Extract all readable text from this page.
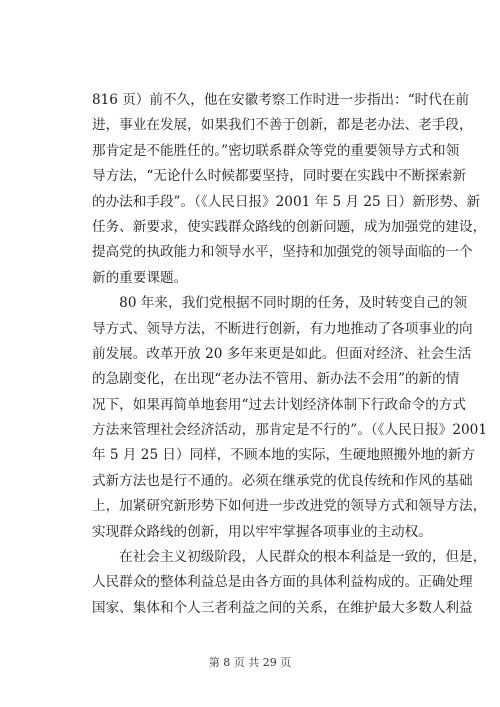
816 页）前不久，他在安徽考察工作时进一步指出：“时代在前
进，事业在发展，如果我们不善于创新，都是老办法、老手段，
那肯定是不能胜任的。”密切联系群众等党的重要领导方式和领
导方法，“无论什么时候都要坚持，同时要在实践中不断探索新
的办法和手段”。（《人民日报》2001 年 5 月 25 日）新形势、新
任务、新要求，使实践群众路线的创新问题，成为加强党的建设，
提高党的执政能力和领导水平，坚持和加强党的领导面临的一个
新的重要课题。
　　80 年来，我们党根据不同时期的任务，及时转变自己的领
导方式、领导方法，不断进行创新，有力地推动了各项事业的向
前发展。改革开放 20 多年来更是如此。但面对经济、社会生活
的急剧变化，在出现“老办法不管用、新办法不会用”的新的情
况下，如果再简单地套用“过去计划经济体制下行政命令的方式
方法来管理社会经济活动，那肯定是不行的”。（《人民日报》2001
年 5 月 25 日）同样，不顾本地的实际，生硬地照搬外地的新方
式新方法也是行不通的。必须在继承党的优良传统和作风的基础
上，加紧研究新形势下如何进一步改进党的领导方式和领导方法，
实现群众路线的创新，用以牢牢掌握各项事业的主动权。
　　在社会主义初级阶段，人民群众的根本利益是一致的，但是，
人民群众的整体利益总是由各方面的具体利益构成的。正确处理
国家、集体和个人三者利益之间的关系，在维护最大多数人利益
第 8 页 共 29 页
